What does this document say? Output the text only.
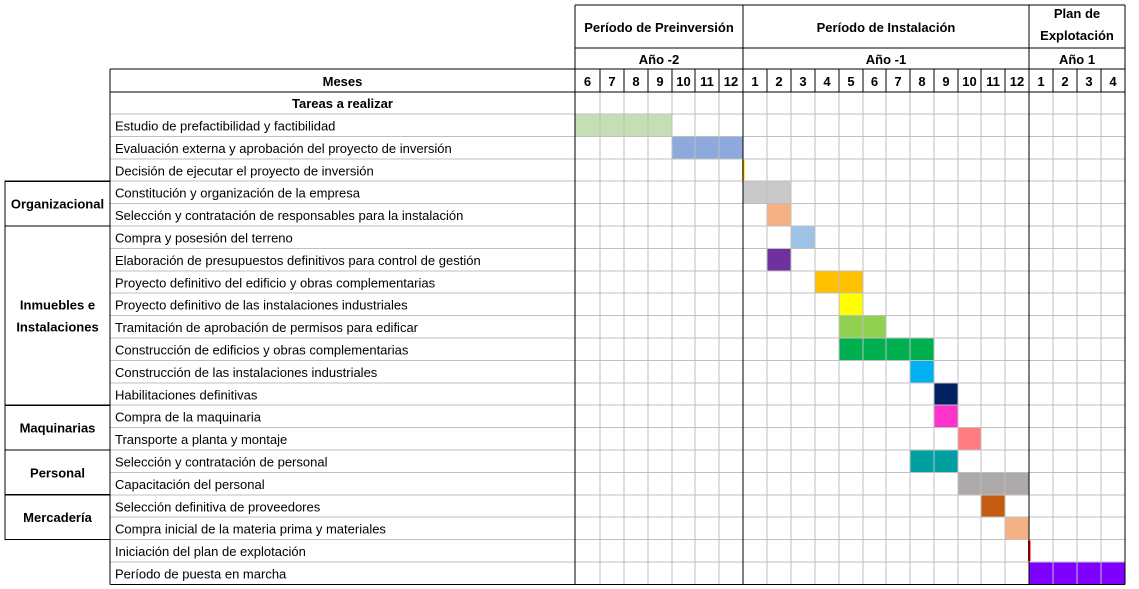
Organizacional
Inmuebles e
Instalaciones
Maquinarias
Personal
Mercadería
Período de Preinversión
Año -2
6 7 8 9 10 11 12
Período de Instalación
Año -1
1 2 3 4 5 6 7 8 9 10 11 12
Plan de
Explotación
Año 1
1 2 3 4
Meses
Tareas a realizar
Estudio de prefactibilidad y factibilidad
Evaluación externa y aprobación del proyecto de inversión
Decisión de ejecutar el proyecto de inversión
Constitución y organización de la empresa
Selección y contratación de responsables para la instalación
Compra y posesión del terreno
Elaboración de presupuestos definitivos para control de gestión
Proyecto definitivo del edificio y obras complementarias
Proyecto definitivo de las instalaciones industriales
Tramitación de aprobación de permisos para edificar
Construcción de edificios y obras complementarias
Construcción de las instalaciones industriales
Habilitaciones definitivas
Compra de la maquinaria
Transporte a planta y montaje
Selección y contratación de personal
Capacitación del personal
Selección definitiva de proveedores
Compra inicial de la materia prima y materiales
Iniciación del plan de explotación
Período de puesta en marcha
